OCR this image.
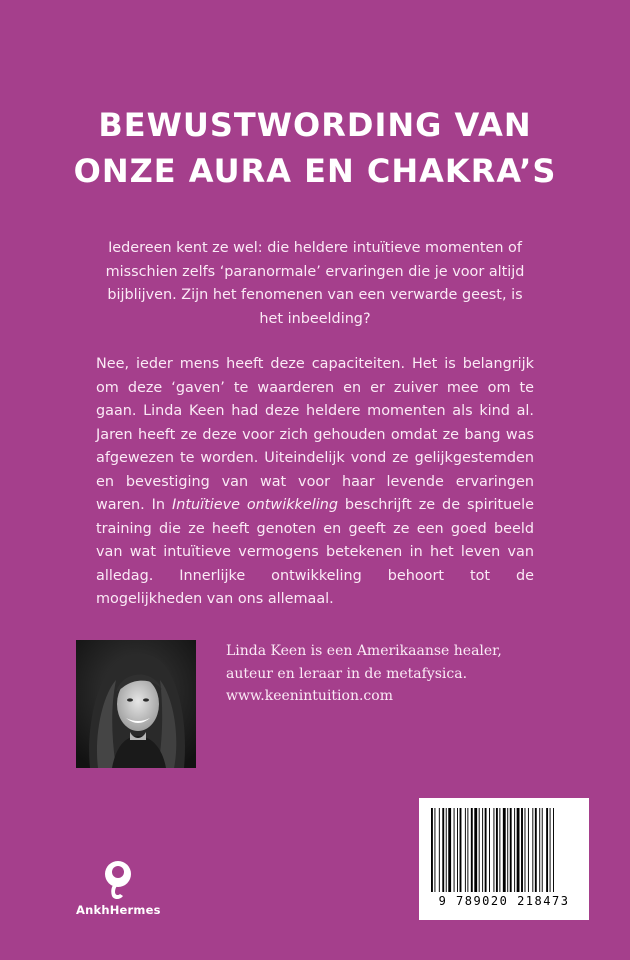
BEWUSTWORDING VAN
ONZE AURA EN CHAKRA’S

Iedereen kent ze wel: die heldere intuïtieve momenten of misschien zelfs ‘paranormale’ ervaringen die je voor altijd bijblijven. Zijn het fenomenen van een verwarde geest, is het inbeelding?

Nee, ieder mens heeft deze capaciteiten. Het is belangrijk om deze ‘gaven’ te waarderen en er zuiver mee om te gaan. Linda Keen had deze heldere momenten als kind al. Jaren heeft ze deze voor zich gehouden omdat ze bang was afgewezen te worden. Uiteindelijk vond ze gelijkgestemden en bevestiging van wat voor haar levende ervaringen waren. In Intuïtieve ontwikkeling beschrijft ze de spirituele training die ze heeft genoten en geeft ze een goed beeld van wat intuïtieve vermogens betekenen in het leven van alledag. Innerlijke ontwikkeling behoort tot de mogelijkheden van ons allemaal.

Linda Keen is een Amerikaanse healer,
auteur en leraar in de metafysica.
www.keenintuition.com
AnkhHermes
9 789020 218473
